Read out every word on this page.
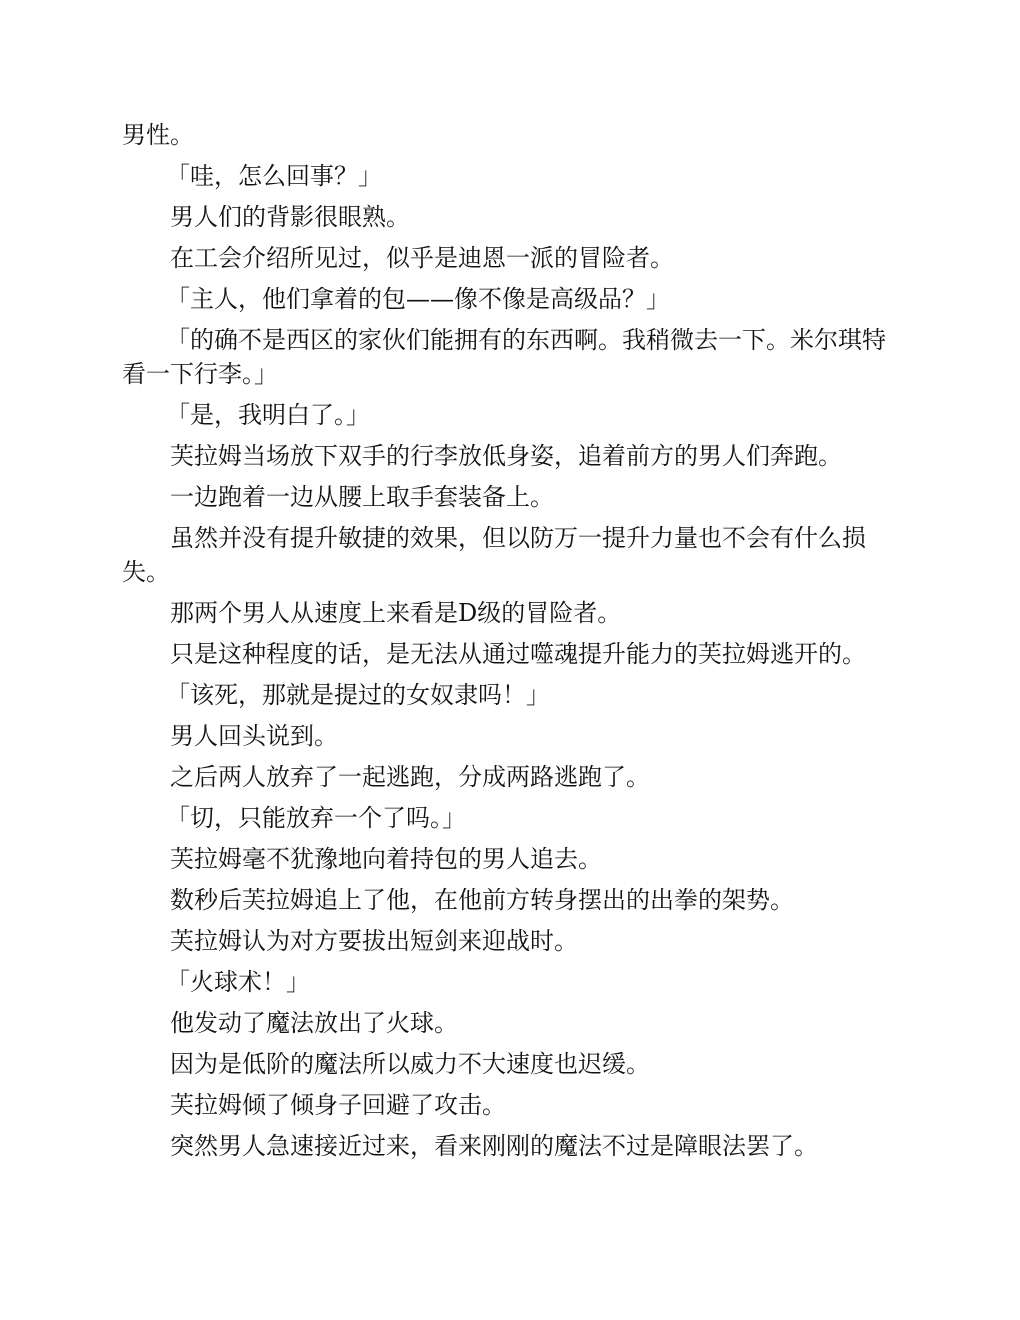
男性。

「哇，怎么回事？」

男人们的背影很眼熟。

在工会介绍所见过，似乎是迪恩一派的冒险者。

「主人，他们拿着的包——像不像是高级品？」

「的确不是西区的家伙们能拥有的东西啊。我稍微去一下。米尔琪特看一下行李。」

「是，我明白了。」

芙拉姆当场放下双手的行李放低身姿，追着前方的男人们奔跑。

一边跑着一边从腰上取手套装备上。

虽然并没有提升敏捷的效果，但以防万一提升力量也不会有什么损失。

那两个男人从速度上来看是D级的冒险者。

只是这种程度的话，是无法从通过噬魂提升能力的芙拉姆逃开的。

「该死，那就是提过的女奴隶吗！」

男人回头说到。

之后两人放弃了一起逃跑，分成两路逃跑了。

「切，只能放弃一个了吗。」

芙拉姆毫不犹豫地向着持包的男人追去。

数秒后芙拉姆追上了他，在他前方转身摆出的出拳的架势。

芙拉姆认为对方要拔出短剑来迎战时。

「火球术！」

他发动了魔法放出了火球。

因为是低阶的魔法所以威力不大速度也迟缓。

芙拉姆倾了倾身子回避了攻击。

突然男人急速接近过来，看来刚刚的魔法不过是障眼法罢了。
